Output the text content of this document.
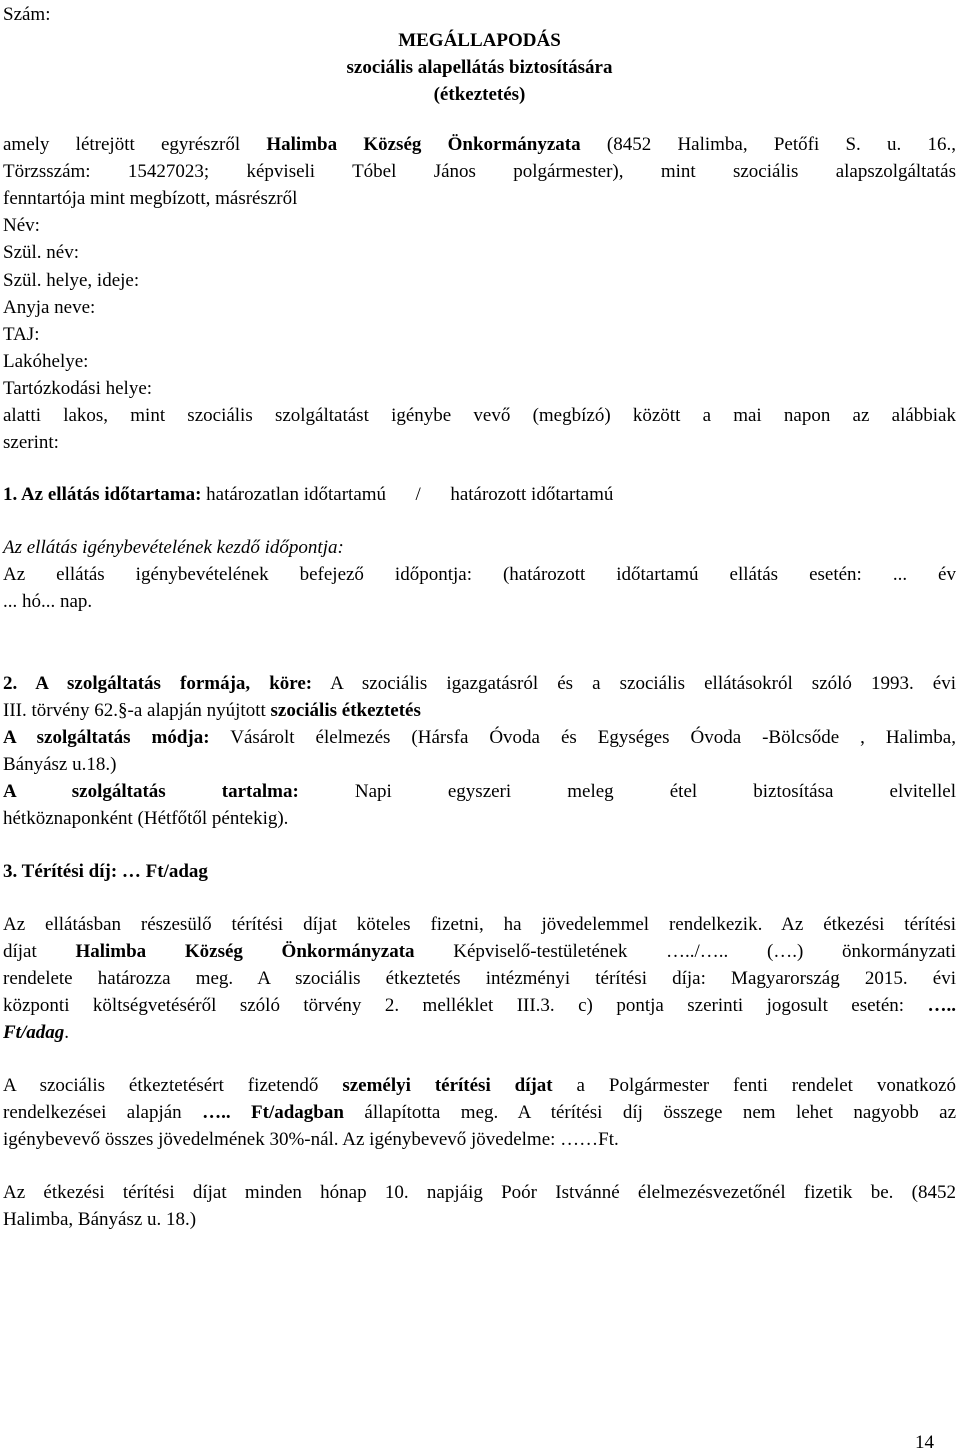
Szám:
MEGÁLLAPODÁS
szociális alapellátás biztosítására
(étkeztetés)
amely létrejött egyrészről Halimba Község Önkormányzata (8452 Halimba, Petőfi S. u. 16.,
Törzsszám: 15427023; képviseli Tóbel János polgármester), mint szociális alapszolgáltatás
fenntartója mint megbízott, másrészről
Név:
Szül. név:
Szül. helye, ideje:
Anyja neve:
TAJ:
Lakóhelye:
Tartózkodási helye:
alatti lakos, mint szociális szolgáltatást igénybe vevő (megbízó) között a mai napon az alábbiak
szerint:
1. Az ellátás időtartama: határozatlan időtartamú / határozott időtartamú
Az ellátás igénybevételének kezdő időpontja:
Az ellátás igénybevételének befejező időpontja: (határozott időtartamú ellátás esetén: ... év
... hó... nap.
2. A szolgáltatás formája, köre: A szociális igazgatásról és a szociális ellátásokról szóló 1993. évi
III. törvény 62.§-a alapján nyújtott szociális étkeztetés
A szolgáltatás módja: Vásárolt élelmezés (Hársfa Óvoda és Egységes Óvoda -Bölcsőde , Halimba,
Bányász u.18.)
A szolgáltatás tartalma:	Napi egyszeri meleg étel biztosítása elvitellel
hétköznaponként (Hétfőtől péntekig).
3. Térítési díj: … Ft/adag
Az ellátásban részesülő térítési díjat köteles fizetni, ha jövedelemmel rendelkezik. Az étkezési térítési
díjat Halimba Község Önkormányzata Képviselő-testületének …../….. (….) önkormányzati
rendelete határozza meg. A szociális étkeztetés intézményi térítési díja: Magyarország 2015. évi
központi költségvetéséről szóló törvény 2. melléklet III.3. c) pontja szerinti jogosult esetén: …..
Ft/adag.
A szociális étkeztetésért fizetendő személyi térítési díjat a Polgármester fenti rendelet vonatkozó
rendelkezései alapján ….. Ft/adagban állapította meg. A térítési díj összege nem lehet nagyobb az
igénybevevő összes jövedelmének 30%-nál. Az igénybevevő jövedelme: ……Ft.
Az étkezési térítési díjat minden hónap 10. napjáig Poór Istvánné élelmezésvezetőnél fizetik be. (8452
Halimba, Bányász u. 18.)
14
